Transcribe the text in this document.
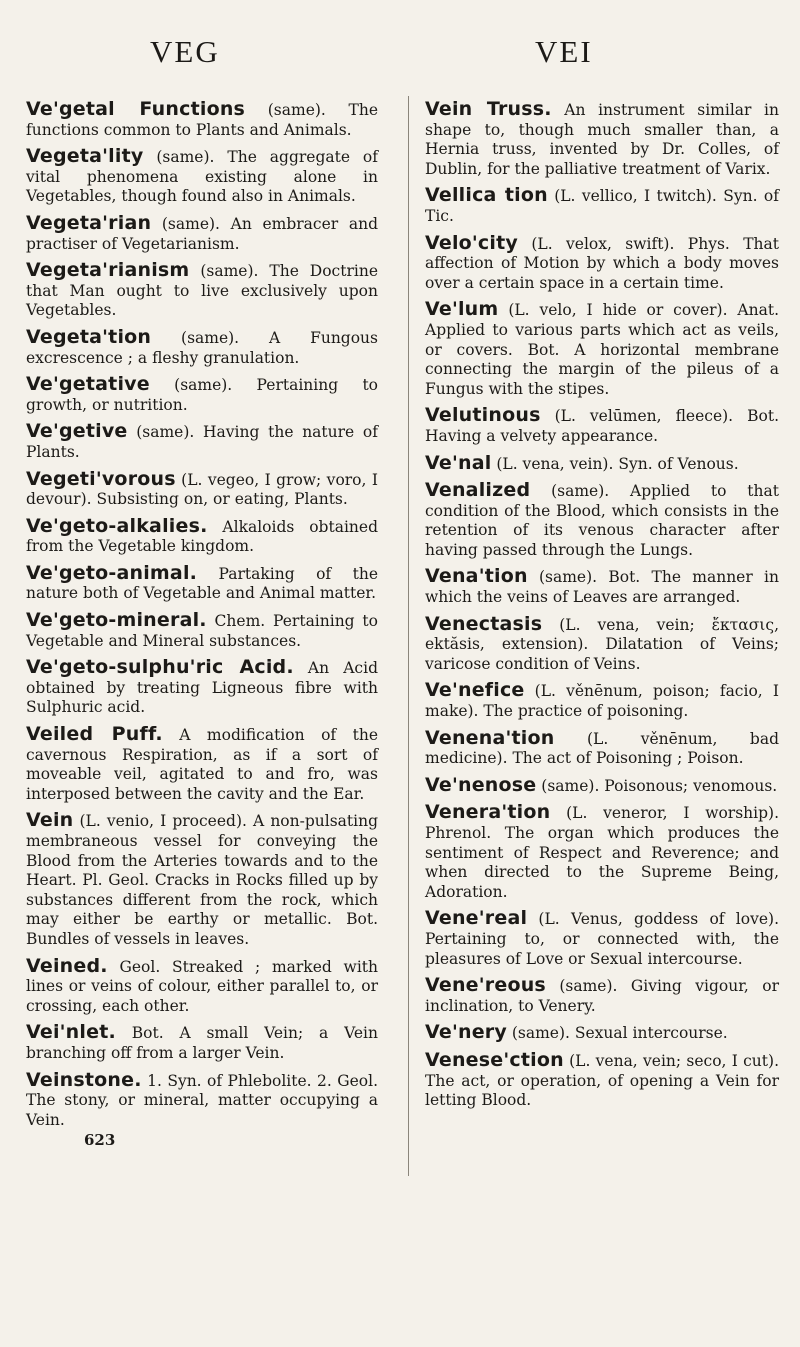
VEG	VEI

Ve'getal Functions (same). The functions common to Plants and Animals.

Vegeta'lity (same). The aggregate of vital phenomena existing alone in Vegetables, though found also in Animals.

Vegeta'rian (same). An embracer and practiser of Vegetarianism.

Vegeta'rianism (same). The Doctrine that Man ought to live exclusively upon Vegetables.

Vegeta'tion (same). A Fungous excrescence ; a fleshy granulation.

Ve'getative (same). Pertaining to growth, or nutrition.

Ve'getive (same). Having the nature of Plants.

Vegeti'vorous (L. vegeo, I grow; voro, I devour). Subsisting on, or eating, Plants.

Ve'geto-alkalies. Alkaloids obtained from the Vegetable kingdom.

Ve'geto-animal. Partaking of the nature both of Vegetable and Animal matter.

Ve'geto-mineral. Chem. Pertaining to Vegetable and Mineral substances.

Ve'geto-sulphu'ric Acid. An Acid obtained by treating Ligneous fibre with Sulphuric acid.

Veiled Puff. A modification of the cavernous Respiration, as if a sort of moveable veil, agitated to and fro, was interposed between the cavity and the Ear.

Vein (L. venio, I proceed). A non-pulsating membraneous vessel for conveying the Blood from the Arteries towards and to the Heart. Pl. Geol. Cracks in Rocks filled up by substances different from the rock, which may either be earthy or metallic. Bot. Bundles of vessels in leaves.

Veined. Geol. Streaked ; marked with lines or veins of colour, either parallel to, or crossing, each other.

Vei'nlet. Bot. A small Vein; a Vein branching off from a larger Vein.

Veinstone. 1. Syn. of Phlebolite. 2. Geol. The stony, or mineral, matter occupying a Vein.

623

Vein Truss. An instrument similar in shape to, though much smaller than, a Hernia truss, invented by Dr. Colles, of Dublin, for the palliative treatment of Varix.

Vellica tion (L. vellico, I twitch). Syn. of Tic.

Velo'city (L. velox, swift). Phys. That affection of Motion by which a body moves over a certain space in a certain time.

Ve'lum (L. velo, I hide or cover). Anat. Applied to various parts which act as veils, or covers. Bot. A horizontal membrane connecting the margin of the pileus of a Fungus with the stipes.

Velutinous (L. velūmen, fleece). Bot. Having a velvety appearance.

Ve'nal (L. vena, vein). Syn. of Venous.

Venalized (same). Applied to that condition of the Blood, which consists in the retention of its venous character after having passed through the Lungs.

Vena'tion (same). Bot. The manner in which the veins of Leaves are arranged.

Venectasis (L. vena, vein; ἔκτασις, ektăsis, extension). Dilatation of Veins; varicose condition of Veins.

Ve'nefice (L. věnēnum, poison; facio, I make). The practice of poisoning.

Venena'tion (L. věnēnum, bad medicine). The act of Poisoning ; Poison.

Ve'nenose (same). Poisonous; venomous.

Venera'tion (L. veneror, I worship). Phrenol. The organ which produces the sentiment of Respect and Reverence; and when directed to the Supreme Being, Adoration.

Vene'real (L. Venus, goddess of love). Pertaining to, or connected with, the pleasures of Love or Sexual intercourse.

Vene'reous (same). Giving vigour, or inclination, to Venery.

Ve'nery (same). Sexual intercourse.

Venese'ction (L. vena, vein; seco, I cut). The act, or operation, of opening a Vein for letting Blood.
